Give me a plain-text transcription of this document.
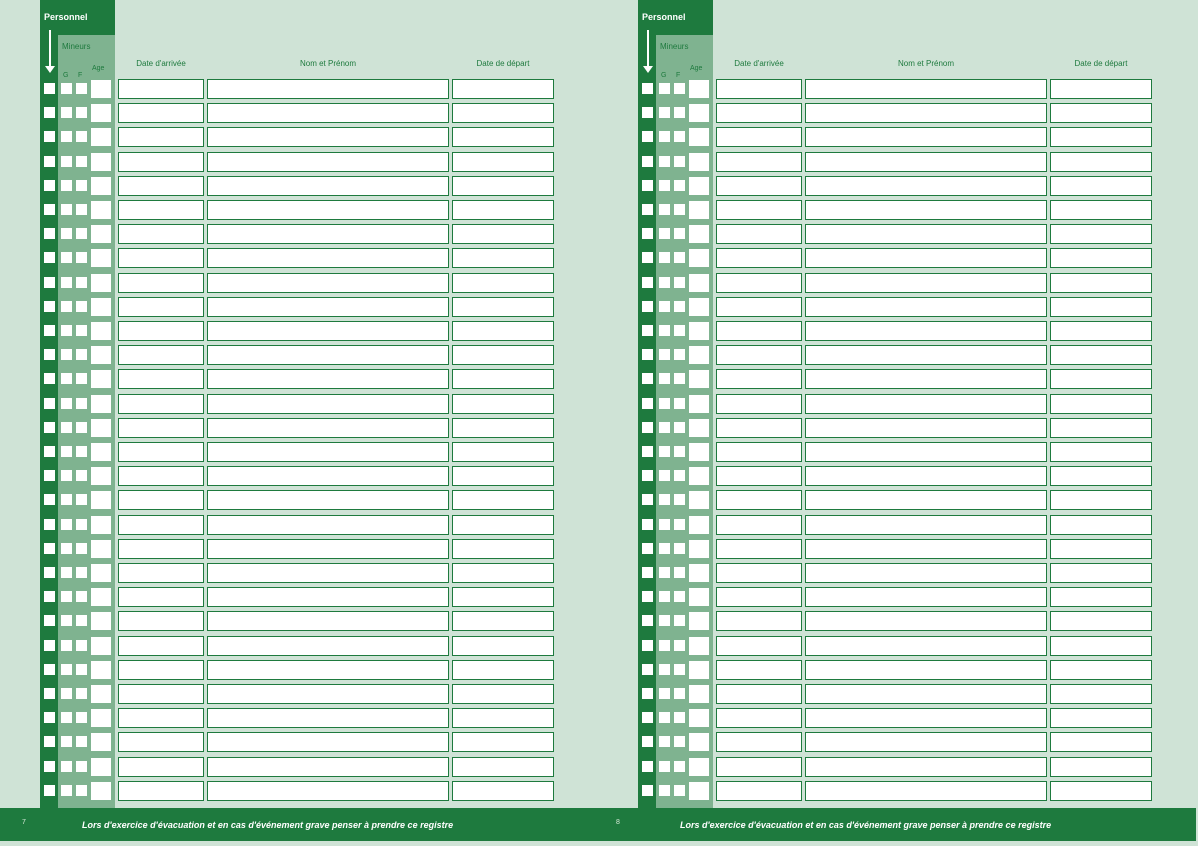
Personnel
Mineurs
G F
Age
Date d'arrivée	Nom et Prénom	Date de départ
7	Lors d'exercice d'évacuation et en cas d'événement grave penser à prendre ce registre
Personnel
Mineurs
G F
Age
Date d'arrivée	Nom et Prénom	Date de départ
8	Lors d'exercice d'évacuation et en cas d'événement grave penser à prendre ce registre
